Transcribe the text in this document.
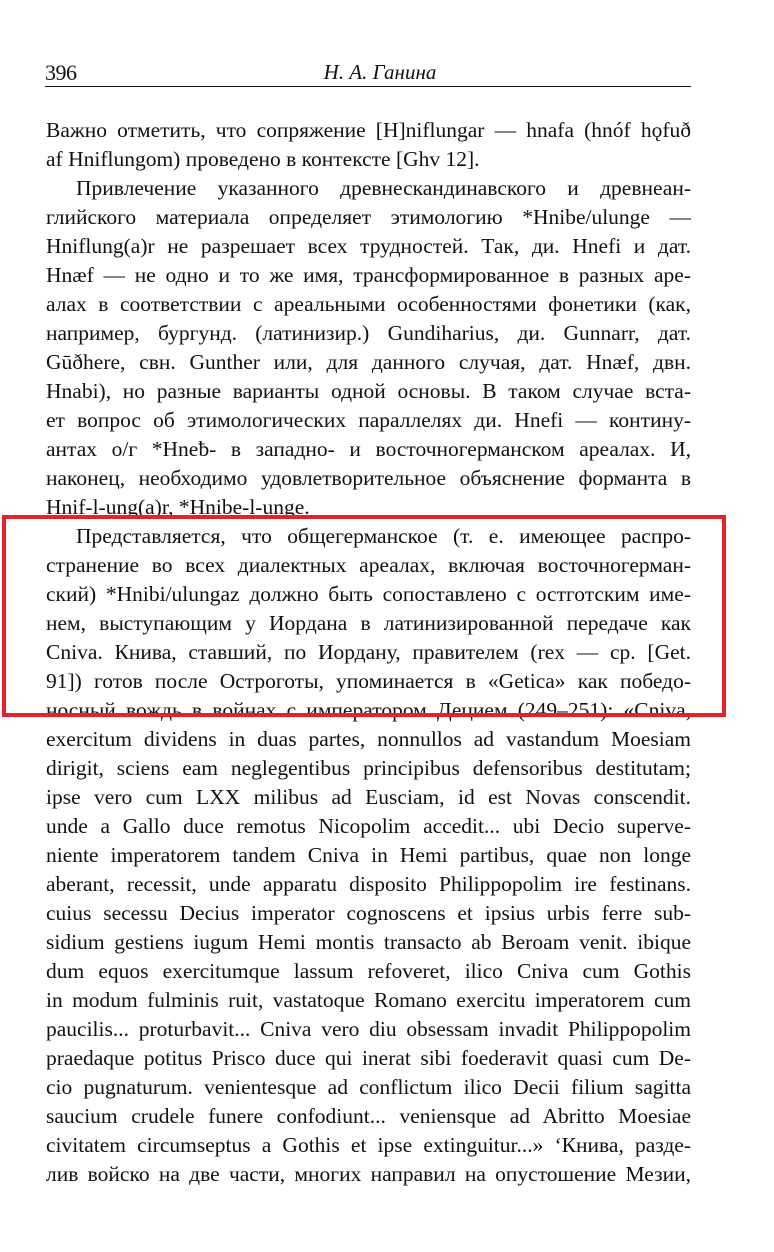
396	Н. А. Ганина
Важно отметить, что сопряжение [H]niflungar — hnafa (hnóf hǫfuð
af Hniflungom) проведено в контексте [Ghv 12].
Привлечение указанного древнескандинавского и древнеан-
глийского материала определяет этимологию *Hnibe/ulunge —
Hniflung(a)r не разрешает всех трудностей. Так, ди. Hnefi и дат.
Hnæf — не одно и то же имя, трансформированное в разных аре-
алах в соответствии с ареальными особенностями фонетики (как,
например, бургунд. (латинизир.) Gundiharius, ди. Gunnarr, дат.
Gūðhere, свн. Gunther или, для данного случая, дат. Hnæf, двн.
Hnabi), но разные варианты одной основы. В таком случае вста-
ет вопрос об этимологических параллелях ди. Hnefi — контину-
антах о/г *Hneƀ- в западно- и восточногерманском ареалах. И,
наконец, необходимо удовлетворительное объяснение форманта в
Hnif-l-ung(a)r, *Hnibe-l-unge.
Представляется, что общегерманское (т. е. имеющее распро-
странение во всех диалектных ареалах, включая восточногерман-
ский) *Hnibi/ulungaz должно быть сопоставлено с остготским име-
нем, выступающим у Иордана в латинизированной передаче как
Cniva. Книва, ставший, по Иордану, правителем (rex — ср. [Get.
91]) готов после Остроготы, упоминается в «Getica» как победо-
носный вождь в войнах с императором Децием (249–251): «Cniva,
exercitum dividens in duas partes, nonnullos ad vastandum Moesiam
dirigit, sciens eam neglegentibus principibus defensoribus destitutam;
ipse vero cum LXX milibus ad Eusciam, id est Novas conscendit.
unde a Gallo duce remotus Nicopolim accedit... ubi Decio superve-
niente imperatorem tandem Cniva in Hemi partibus, quae non longe
aberant, recessit, unde apparatu disposito Philippopolim ire festinans.
cuius secessu Decius imperator cognoscens et ipsius urbis ferre sub-
sidium gestiens iugum Hemi montis transacto ab Beroam venit. ibique
dum equos exercitumque lassum refoveret, ilico Cniva cum Gothis
in modum fulminis ruit, vastatoque Romano exercitu imperatorem cum
paucilis... proturbavit... Cniva vero diu obsessam invadit Philippopolim
praedaque potitus Prisco duce qui inerat sibi foederavit quasi cum De-
cio pugnaturum. venientesque ad conflictum ilico Decii filium sagitta
saucium crudele funere confodiunt... veniensque ad Abritto Moesiae
civitatem circumseptus a Gothis et ipse extinguitur...» ‘Книва, разде-
лив войско на две части, многих направил на опустошение Мезии,
